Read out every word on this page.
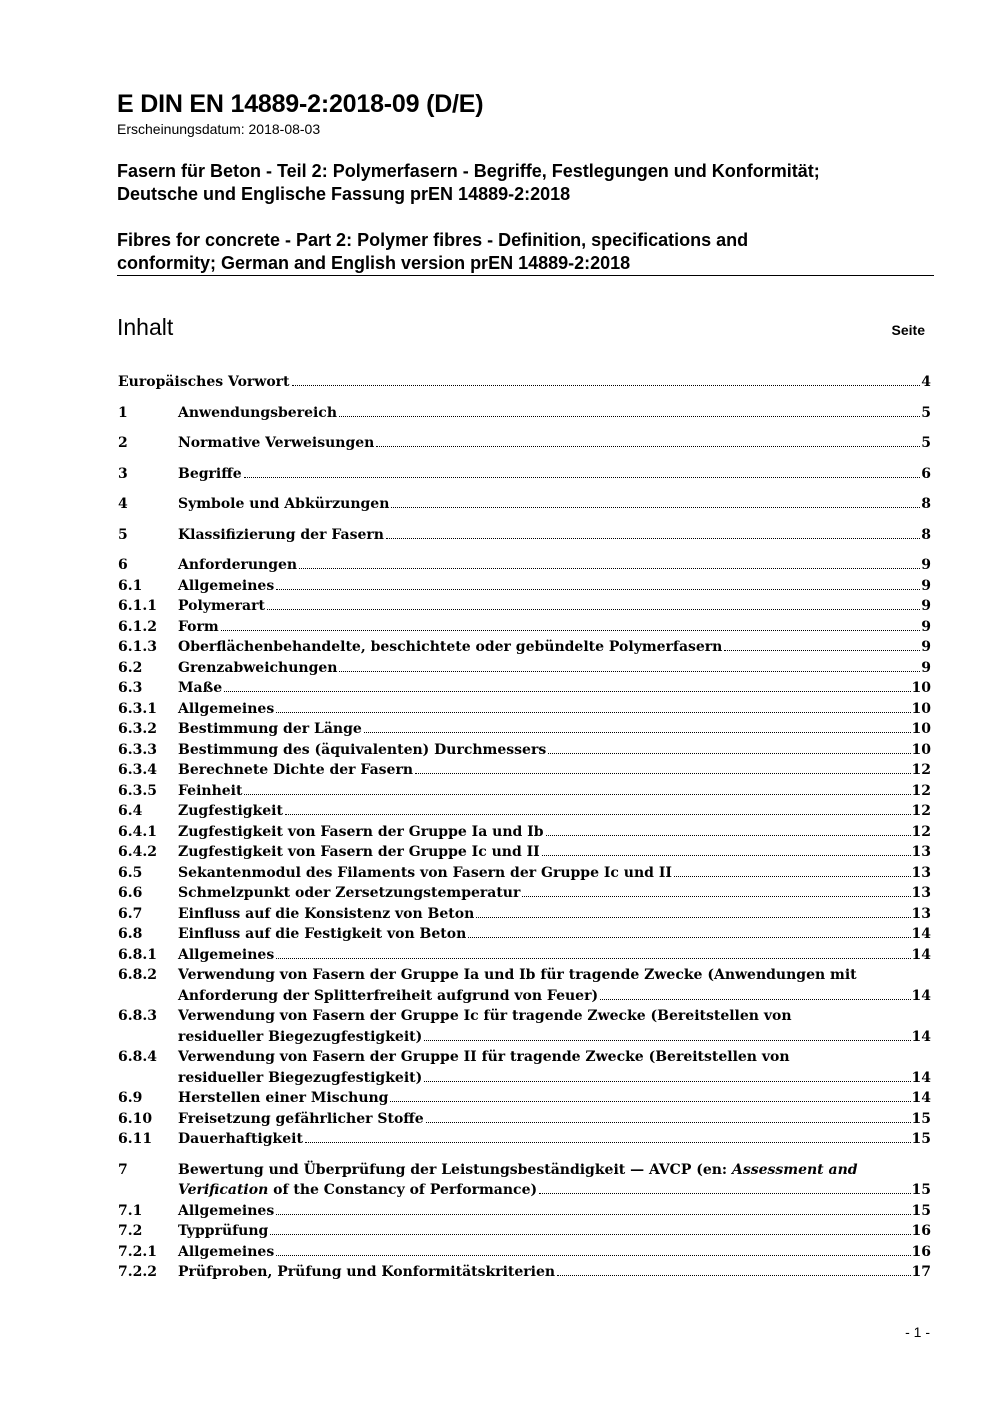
E DIN EN 14889-2:2018-09 (D/E)
Erscheinungsdatum: 2018-08-03
Fasern für Beton - Teil 2: Polymerfasern - Begriffe, Festlegungen und Konformität;
Deutsche und Englische Fassung prEN 14889-2:2018
Fibres for concrete - Part 2: Polymer fibres - Definition, specifications and
conformity; German and English version prEN 14889-2:2018
Inhalt	Seite
Europäisches Vorwort	4
1	Anwendungsbereich	5
2	Normative Verweisungen	5
3	Begriffe	6
4	Symbole und Abkürzungen	8
5	Klassifizierung der Fasern	8
6	Anforderungen	9
6.1	Allgemeines	9
6.1.1 Polymerart	9
6.1.2 Form	9
6.1.3 Oberflächenbehandelte, beschichtete oder gebündelte Polymerfasern	9
6.2	Grenzabweichungen	9
6.3	Maße	10
6.3.1 Allgemeines	10
6.3.2 Bestimmung der Länge	10
6.3.3 Bestimmung des (äquivalenten) Durchmessers	10
6.3.4 Berechnete Dichte der Fasern	12
6.3.5 Feinheit	12
6.4	Zugfestigkeit	12
6.4.1 Zugfestigkeit von Fasern der Gruppe Ia und Ib	12
6.4.2 Zugfestigkeit von Fasern der Gruppe Ic und II	13
6.5	Sekantenmodul des Filaments von Fasern der Gruppe Ic und II	13
6.6	Schmelzpunkt oder Zersetzungstemperatur	13
6.7	Einfluss auf die Konsistenz von Beton	13
6.8	Einfluss auf die Festigkeit von Beton	14
6.8.1 Allgemeines	14
6.8.2 Verwendung von Fasern der Gruppe Ia und Ib für tragende Zwecke (Anwendungen mit
Anforderung der Splitterfreiheit aufgrund von Feuer)	14
6.8.3 Verwendung von Fasern der Gruppe Ic für tragende Zwecke (Bereitstellen von
residueller Biegezugfestigkeit)	14
6.8.4 Verwendung von Fasern der Gruppe II für tragende Zwecke (Bereitstellen von
residueller Biegezugfestigkeit)	14
6.9	Herstellen einer Mischung	14
6.10 Freisetzung gefährlicher Stoffe	15
6.11 Dauerhaftigkeit	15
7	Bewertung und Überprüfung der Leistungsbeständigkeit — AVCP (en: Assessment and
Verification of the Constancy of Performance)	15
7.1	Allgemeines	15
7.2	Typprüfung	16
7.2.1 Allgemeines	16
7.2.2 Prüfproben, Prüfung und Konformitätskriterien	17
- 1 -
